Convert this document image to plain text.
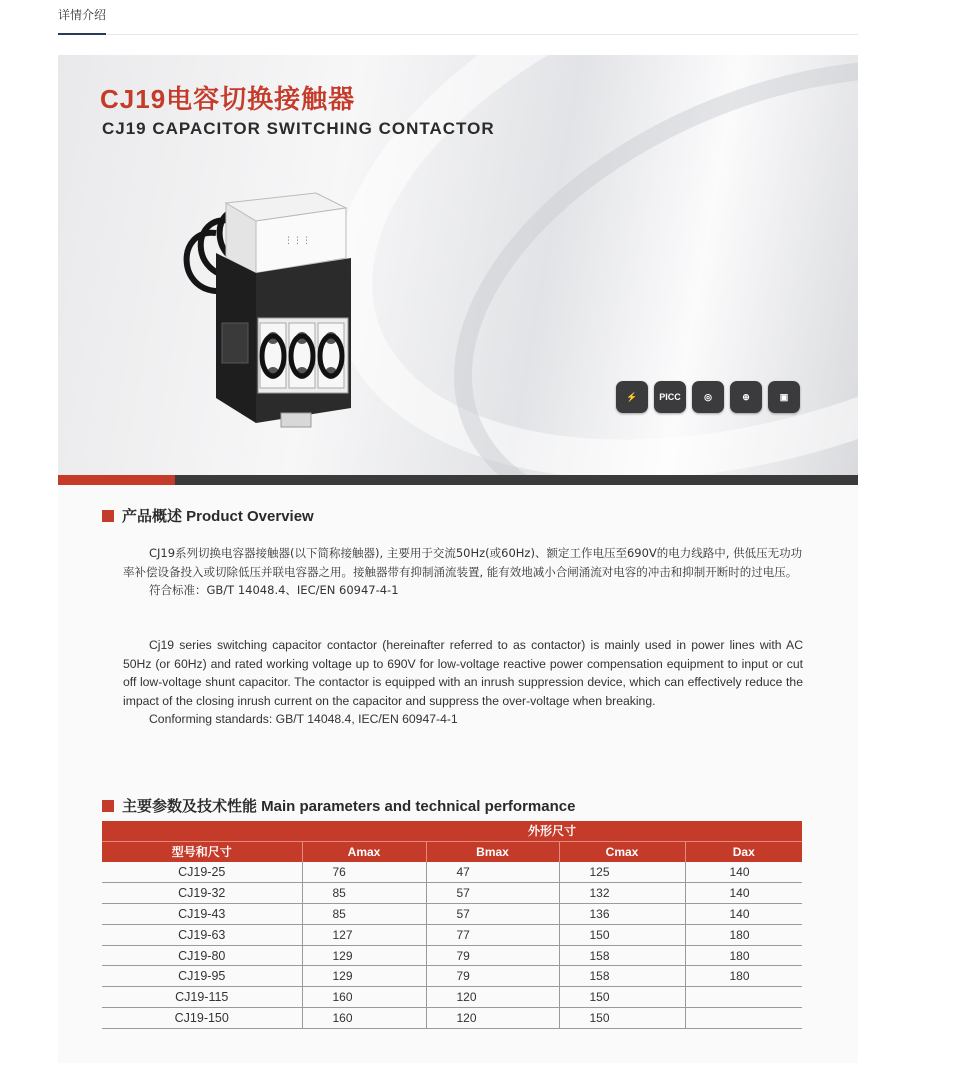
详情介绍
CJ19电容切换接触器
CJ19 CAPACITOR SWITCHING CONTACTOR
⋮⋮⋮
⚡	PICC	◎	⊕	▣
产品概述 Product Overview
CJ19系列切换电容器接触器(以下简称接触器), 主要用于交流50Hz(或60Hz)、额定工作电压至690V的电力线路中, 供低压无功功率补偿设备投入或切除低压并联电容器之用。接触器带有抑制涌流装置, 能有效地减小合闸涌流对电容的冲击和抑制开断时的过电压。
符合标准：GB/T 14048.4、IEC/EN 60947-4-1
Cj19 series switching capacitor contactor (hereinafter referred to as contactor) is mainly used in power lines with AC 50Hz (or 60Hz) and rated working voltage up to 690V for low-voltage reactive power compensation equipment to input or cut off low-voltage shunt capacitor. The contactor is equipped with an inrush suppression device, which can effectively reduce the impact of the closing inrush current on the capacitor and suppress the over-voltage when breaking.
Conforming standards: GB/T 14048.4, IEC/EN 60947-4-1
主要参数及技术性能 Main parameters and technical performance
	外形尺寸			
型号和尺寸	Amax	Bmax	Cmax	Dax
CJ19-25	76	47	125	140
CJ19-32	85	57	132	140
CJ19-43	85	57	136	140
CJ19-63	127	77	150	180
CJ19-80	129	79	158	180
CJ19-95	129	79	158	180
CJ19-115	160	120	150	
CJ19-150	160	120	150	
